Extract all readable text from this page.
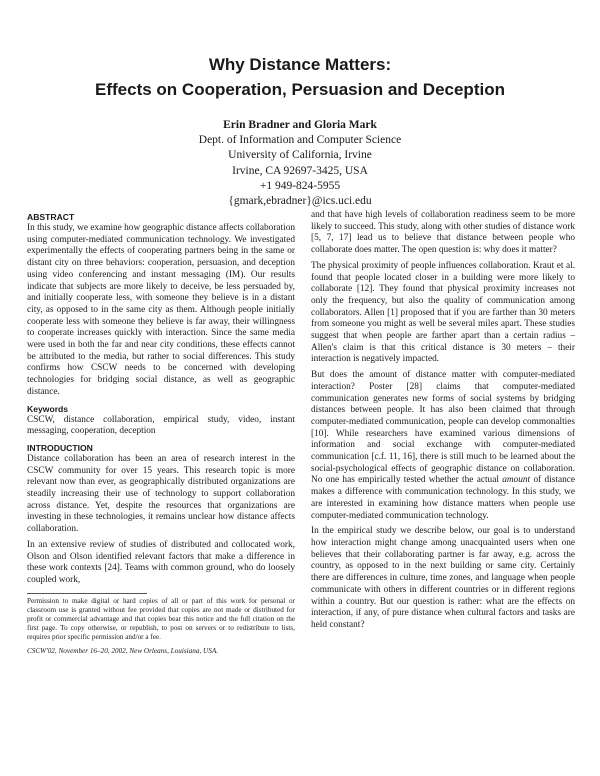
Why Distance Matters:
Effects on Cooperation, Persuasion and Deception
Erin Bradner and Gloria Mark
Dept. of Information and Computer Science
University of California, Irvine
Irvine, CA 92697-3425, USA
+1 949-824-5955
{gmark,ebradner}@ics.uci.edu
ABSTRACT

In this study, we examine how geographic distance affects collaboration using computer-mediated communication technology. We investigated experimentally the effects of cooperating partners being in the same or distant city on three behaviors: cooperation, persuasion, and deception using video conferencing and instant messaging (IM). Our results indicate that subjects are more likely to deceive, be less persuaded by, and initially cooperate less, with someone they believe is in a distant city, as opposed to in the same city as them. Although people initially cooperate less with someone they believe is far away, their willingness to cooperate increases quickly with interaction. Since the same media were used in both the far and near city conditions, these effects cannot be attributed to the media, but rather to social differences. This study confirms how CSCW needs to be concerned with developing technologies for bridging social distance, as well as geographic distance.

Keywords

CSCW, distance collaboration, empirical study, video, instant messaging, cooperation, deception

INTRODUCTION

Distance collaboration has been an area of research interest in the CSCW community for over 15 years. This research topic is more relevant now than ever, as geographically distributed organizations are steadily increasing their use of technology to support collaboration across distance. Yet, despite the resources that organizations are investing in these technologies, it remains unclear how distance affects collaboration.

In an extensive review of studies of distributed and collocated work, Olson and Olson identified relevant factors that make a difference in these work contexts [24]. Teams with common ground, who do loosely coupled work,

Permission to make digital or hard copies of all or part of this work for personal or classroom use is granted without fee provided that copies are not made or distributed for profit or commercial advantage and that copies bear this notice and the full citation on the first page. To copy otherwise, or republish, to post on servers or to redistribute to lists, requires prior specific permission and/or a fee.

CSCW'02, November 16–20, 2002, New Orleans, Louisiana, USA.

and that have high levels of collaboration readiness seem to be more likely to succeed. This study, along with other studies of distance work [5, 7, 17] lead us to believe that distance between people who collaborate does matter. The open question is: why does it matter?

The physical proximity of people influences collaboration. Kraut et al. found that people located closer in a building were more likely to collaborate [12]. They found that physical proximity increases not only the frequency, but also the quality of communication among collaborators. Allen [1] proposed that if you are farther than 30 meters from someone you might as well be several miles apart. These studies suggest that when people are farther apart than a certain radius – Allen's claim is that this critical distance is 30 meters – their interaction is negatively impacted.

But does the amount of distance matter with computer-mediated interaction? Poster [28] claims that computer-mediated communication generates new forms of social systems by bridging distances between people. It has also been claimed that through computer-mediated communication, people can develop commonalties [10]. While researchers have examined various dimensions of information and social exchange with computer-mediated communication [c.f. 11, 16], there is still much to be learned about the social-psychological effects of geographic distance on collaboration. No one has empirically tested whether the actual amount of distance makes a difference with communication technology. In this study, we are interested in examining how distance matters when people use computer-mediated communication technology.

In the empirical study we describe below, our goal is to understand how interaction might change among unacquainted users when one believes that their collaborating partner is far away, e.g. across the country, as opposed to in the next building or same city. Certainly there are differences in culture, time zones, and language when people communicate with others in different countries or in different regions within a country. But our question is rather: what are the effects on interaction, if any, of pure distance when cultural factors and tasks are held constant?
